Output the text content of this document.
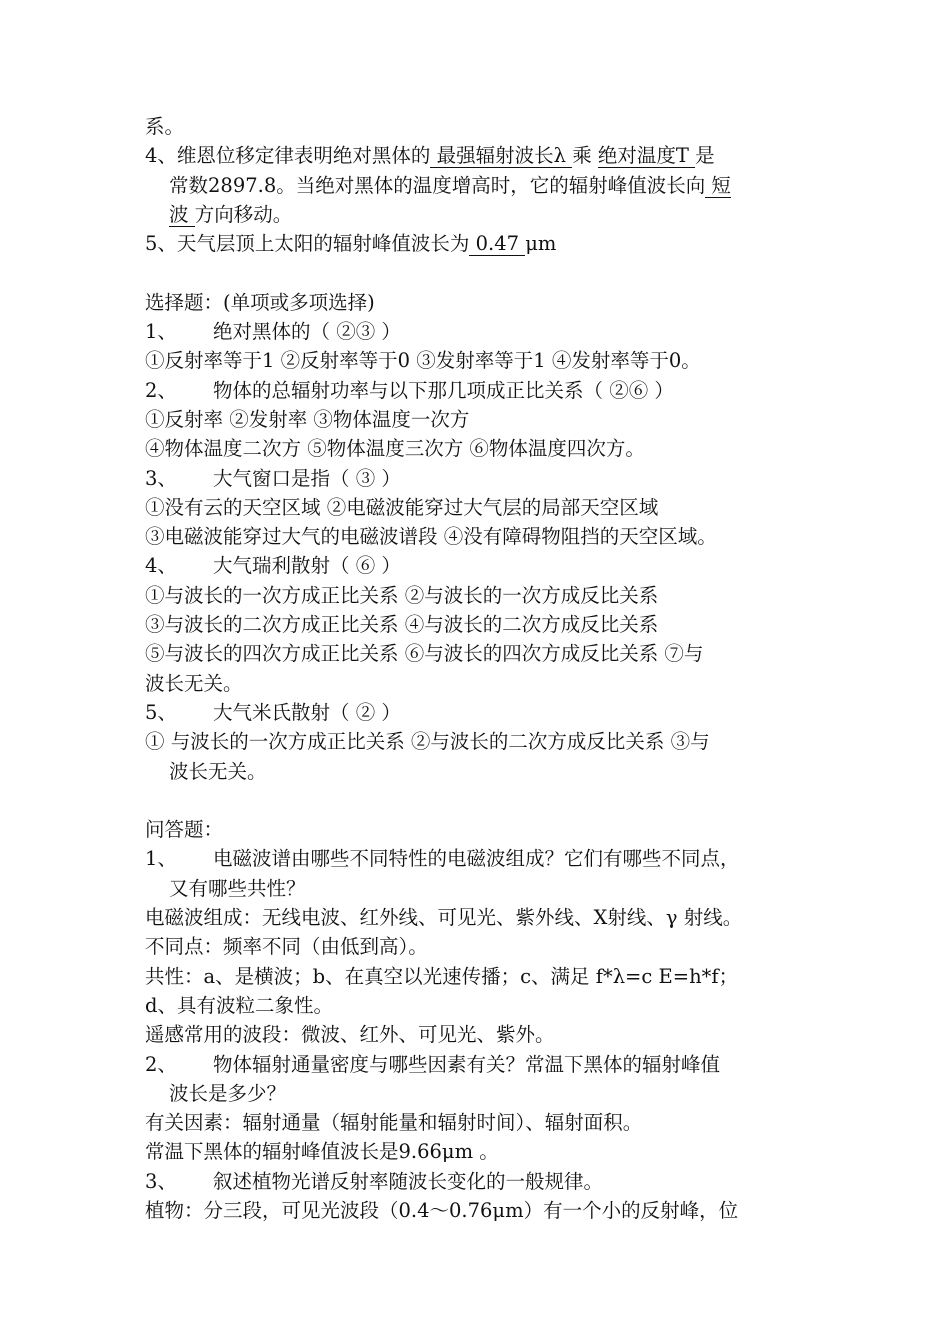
系。
4、维恩位移定律表明绝对黑体的 最强辐射波长λ 乘 绝对温度T 是
常数2897.8。当绝对黑体的温度增高时，它的辐射峰值波长向 短
波 方向移动。
5、天气层顶上太阳的辐射峰值波长为 0.47 μm
选择题：(单项或多项选择)
1、 绝对黑体的（ ②③ ）
①反射率等于1 ②反射率等于0 ③发射率等于1 ④发射率等于0。
2、 物体的总辐射功率与以下那几项成正比关系（ ②⑥ ）
①反射率 ②发射率 ③物体温度一次方
④物体温度二次方 ⑤物体温度三次方 ⑥物体温度四次方。
3、 大气窗口是指（ ③ ）
①没有云的天空区域 ②电磁波能穿过大气层的局部天空区域
③电磁波能穿过大气的电磁波谱段 ④没有障碍物阻挡的天空区域。
4、 大气瑞利散射（ ⑥ ）
①与波长的一次方成正比关系 ②与波长的一次方成反比关系
③与波长的二次方成正比关系 ④与波长的二次方成反比关系
⑤与波长的四次方成正比关系 ⑥与波长的四次方成反比关系 ⑦与
波长无关。
5、 大气米氏散射（ ② ）
① 与波长的一次方成正比关系 ②与波长的二次方成反比关系 ③与
波长无关。
问答题：
1、 电磁波谱由哪些不同特性的电磁波组成？它们有哪些不同点，
又有哪些共性？
电磁波组成：无线电波、红外线、可见光、紫外线、X射线、γ 射线。
不同点：频率不同（由低到高）。
共性：a、是横波；b、在真空以光速传播；c、满足 f*λ=c E=h*f；
d、具有波粒二象性。
遥感常用的波段：微波、红外、可见光、紫外。
2、 物体辐射通量密度与哪些因素有关？常温下黑体的辐射峰值
波长是多少？
有关因素：辐射通量（辐射能量和辐射时间）、辐射面积。
常温下黑体的辐射峰值波长是9.66μm 。
3、 叙述植物光谱反射率随波长变化的一般规律。
植物：分三段，可见光波段（0.4～0.76μm）有一个小的反射峰，位
